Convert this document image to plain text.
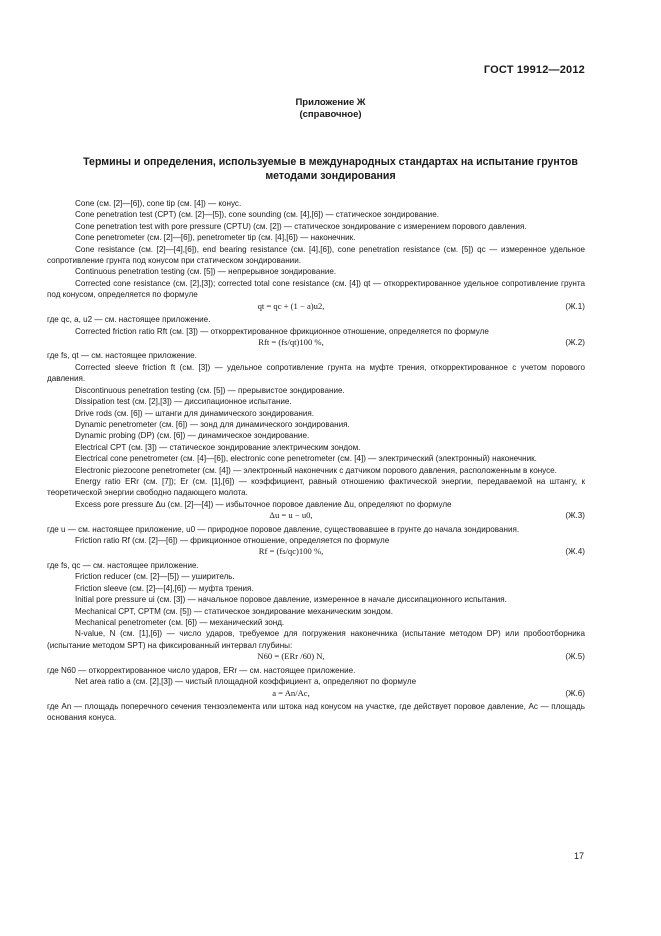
ГОСТ 19912—2012
Приложение Ж
(справочное)
Термины и определения, используемые в международных стандартах на испытание грунтов
методами зондирования

Cone (см. [2]—[6]), cone tip (см. [4]) — конус.

Cone penetration test (CPT) (см. [2]—[5]), cone sounding (см. [4],[6]) — статическое зондирование.

Cone penetration test with pore pressure (CPTU) (см. [2]) — статическое зондирование с измерением порового давления.

Cone penetrometer (см. [2]—[6]), penetrometer tip (см. [4],[6]) — наконечник.

Cone resistance (см. [2]—[4],[6]), end bearing resistance (см. [4],[6]), cone penetration resistance (см. [5]) qс — измеренное удельное сопротивление грунта под конусом при статическом зондировании.

Continuous penetration testing (см. [5]) — непрерывное зондирование.

Corrected cone resistance (см. [2],[3]); corrected total cone resistance (см. [4]) qt — откорректированное удельное сопротивление грунта под конусом, определяется по формуле

qt = qс + (1 − a)u2,	(Ж.1)

где qс, a, u2 — см. настоящее приложение.

Corrected friction ratio Rft (см. [3]) — откорректированное фрикционное отношение, определяется по формуле

Rft = (fs/qt)100 %,	(Ж.2)

где fs, qt — см. настоящее приложение.

Corrected sleeve friction ft (см. [3]) — удельное сопротивление грунта на муфте трения, откорректированное с учетом порового давления.

Discontinuous penetration testing (см. [5]) — прерывистое зондирование.

Dissipation test (см. [2],[3]) — диссипационное испытание.

Drive rods (см. [6]) — штанги для динамического зондирования.

Dynamic penetrometer (см. [6]) — зонд для динамического зондирования.

Dynamic probing (DP) (см. [6]) — динамическое зондирование.

Electrical CPT (см. [3]) — статическое зондирование электрическим зондом.

Electrical cone penetrometer (см. [4]—[6]), electronic cone penetrometer (см. [4]) — электрический (электронный) наконечник.

Electronic piezocone penetrometer (см. [4]) — электронный наконечник с датчиком порового давления, расположенным в конусе.

Energy ratio ERr (см. [7]); Er (см. [1],[6]) — коэффициент, равный отношению фактической энергии, передаваемой на штангу, к теоретической энергии свободно падающего молота.

Excess pore pressure Δu (см. [2]—[4]) — избыточное поровое давление Δu, определяют по формуле

Δu = u − u0,	(Ж.3)

где u — см. настоящее приложение, u0 — природное поровое давление, существовавшее в грунте до начала зондирования.

Friction ratio Rf (см. [2]—[6]) — фрикционное отношение, определяется по формуле

Rf = (fs/qс)100 %,	(Ж.4)

где fs, qс — см. настоящее приложение.

Friction reducer (см. [2]—[5]) — уширитель.

Friction sleeve (см. [2]—[4],[6]) — муфта трения.

Initial pore pressure ui (см. [3]) — начальное поровое давление, измеренное в начале диссипационного испытания.

Mechanical CPT, CPTM (см. [5]) — статическое зондирование механическим зондом.

Mechanical penetrometer (см. [6]) — механический зонд.

N-value, N (см. [1],[6]) — число ударов, требуемое для погружения наконечника (испытание методом DP) или пробоотборника (испытание методом SPT) на фиксированный интервал глубины:

N60 = (ERr /60) N,	(Ж.5)

где N60 — откорректированное число ударов, ERr — см. настоящее приложение.

Net area ratio a (см. [2],[3]) — чистый площадной коэффициент a, определяют по формуле

a = An/Aс,	(Ж.6)

где An — площадь поперечного сечения тензоэлемента или штока над конусом на участке, где действует поровое давление, Aс — площадь основания конуса.

17
